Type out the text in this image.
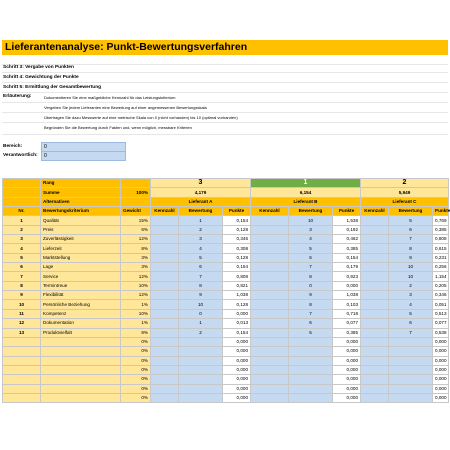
Lieferantenanalyse: Punkt-Bewertungsverfahren
Schritt 3: Vergabe von Punkten
Schritt 4: Gewichtung der Punkte
Schritt 5: Ermittlung der Gesamtbewertung
Erläuterung:	Dokumentieren Sie eine maßgebliche Kennzahl für das Leistungskriterium
Vergeben Sie jedem Lieferanten eine Bewertung auf einer angemessenen Bewertungsskala
Übertragen Sie dazu Messwerte auf eine metrische Skala von 0 (nicht vorhanden) bis 10 (optimal vorhanden)
Begründen Sie die Bewertung durch Fakten und, wenn möglich, messbare Kriterien
Bereich:	0
Verantwortlich: 0
	Rang		3			1			2		
	Summe	100%	4,179			6,154			5,949		
	Alternativen		Lieferant A			Lieferant B			Lieferant C		
Nr.	Bewertungskriterium	Gewicht	Kennzahl	Bewertung	Punkte	Kennzahl	Bewertung	Punkte	Kennzahl	Bewertung	Punkte
1	Qualität	15%		1	0,154		10	1,538		5	0,769
2	Preis	6%		2	0,128		3	0,192		6	0,385
3	Zuverlässigkeit	12%		3	0,346		4	0,462		7	0,808
4	Lieferzeit	8%		4	0,308		5	0,385		8	0,615
5	Marktstellung	3%		5	0,128		6	0,154		9	0,231
6	Lage	3%		6	0,154		7	0,179		10	0,256
7	Service	12%		7	0,808		8	0,923		10	1,154
8	Termintreue	10%		8	0,821		0	0,000		2	0,205
9	Flexibilität	12%		9	1,038		9	1,038		3	0,346
10	Persönliche Beziehung	1%		10	0,128		8	0,103		4	0,051
11	Kompetenz	10%		0	0,000		7	0,718		5	0,513
12	Dokumentation	1%		1	0,013		6	0,077		6	0,077
13	Produktvielfalt	8%		2	0,154		5	0,385		7	0,538
		0%			0,000			0,000			0,000
		0%			0,000			0,000			0,000
		0%			0,000			0,000			0,000
		0%			0,000			0,000			0,000
		0%			0,000			0,000			0,000
		0%			0,000			0,000			0,000
		0%			0,000			0,000			0,000
